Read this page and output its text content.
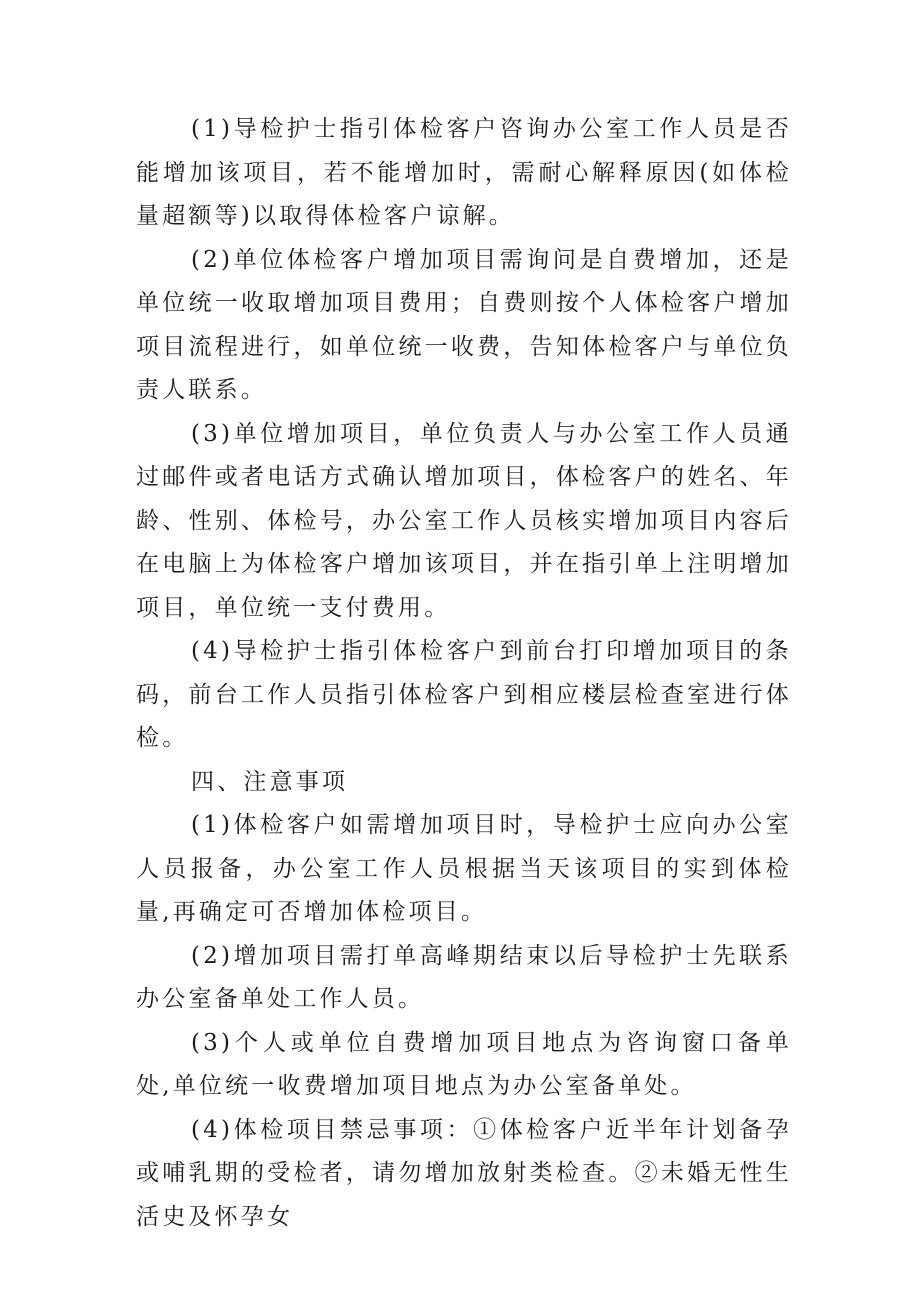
(1)导检护士指引体检客户咨询办公室工作人员是否能增加该项目，若不能增加时，需耐心解释原因(如体检量超额等)以取得体检客户谅解。

(2)单位体检客户增加项目需询问是自费增加，还是单位统一收取增加项目费用；自费则按个人体检客户增加项目流程进行，如单位统一收费，告知体检客户与单位负责人联系。

(3)单位增加项目，单位负责人与办公室工作人员通过邮件或者电话方式确认增加项目，体检客户的姓名、年龄、性别、体检号，办公室工作人员核实增加项目内容后在电脑上为体检客户增加该项目，并在指引单上注明增加项目，单位统一支付费用。

(4)导检护士指引体检客户到前台打印增加项目的条码，前台工作人员指引体检客户到相应楼层检查室进行体检。

四、注意事项

(1)体检客户如需增加项目时，导检护士应向办公室人员报备，办公室工作人员根据当天该项目的实到体检量,再确定可否增加体检项目。

(2)增加项目需打单高峰期结束以后导检护士先联系办公室备单处工作人员。

(3)个人或单位自费增加项目地点为咨询窗口备单处,单位统一收费增加项目地点为办公室备单处。

(4)体检项目禁忌事项：①体检客户近半年计划备孕或哺乳期的受检者，请勿增加放射类检查。②未婚无性生活史及怀孕女
